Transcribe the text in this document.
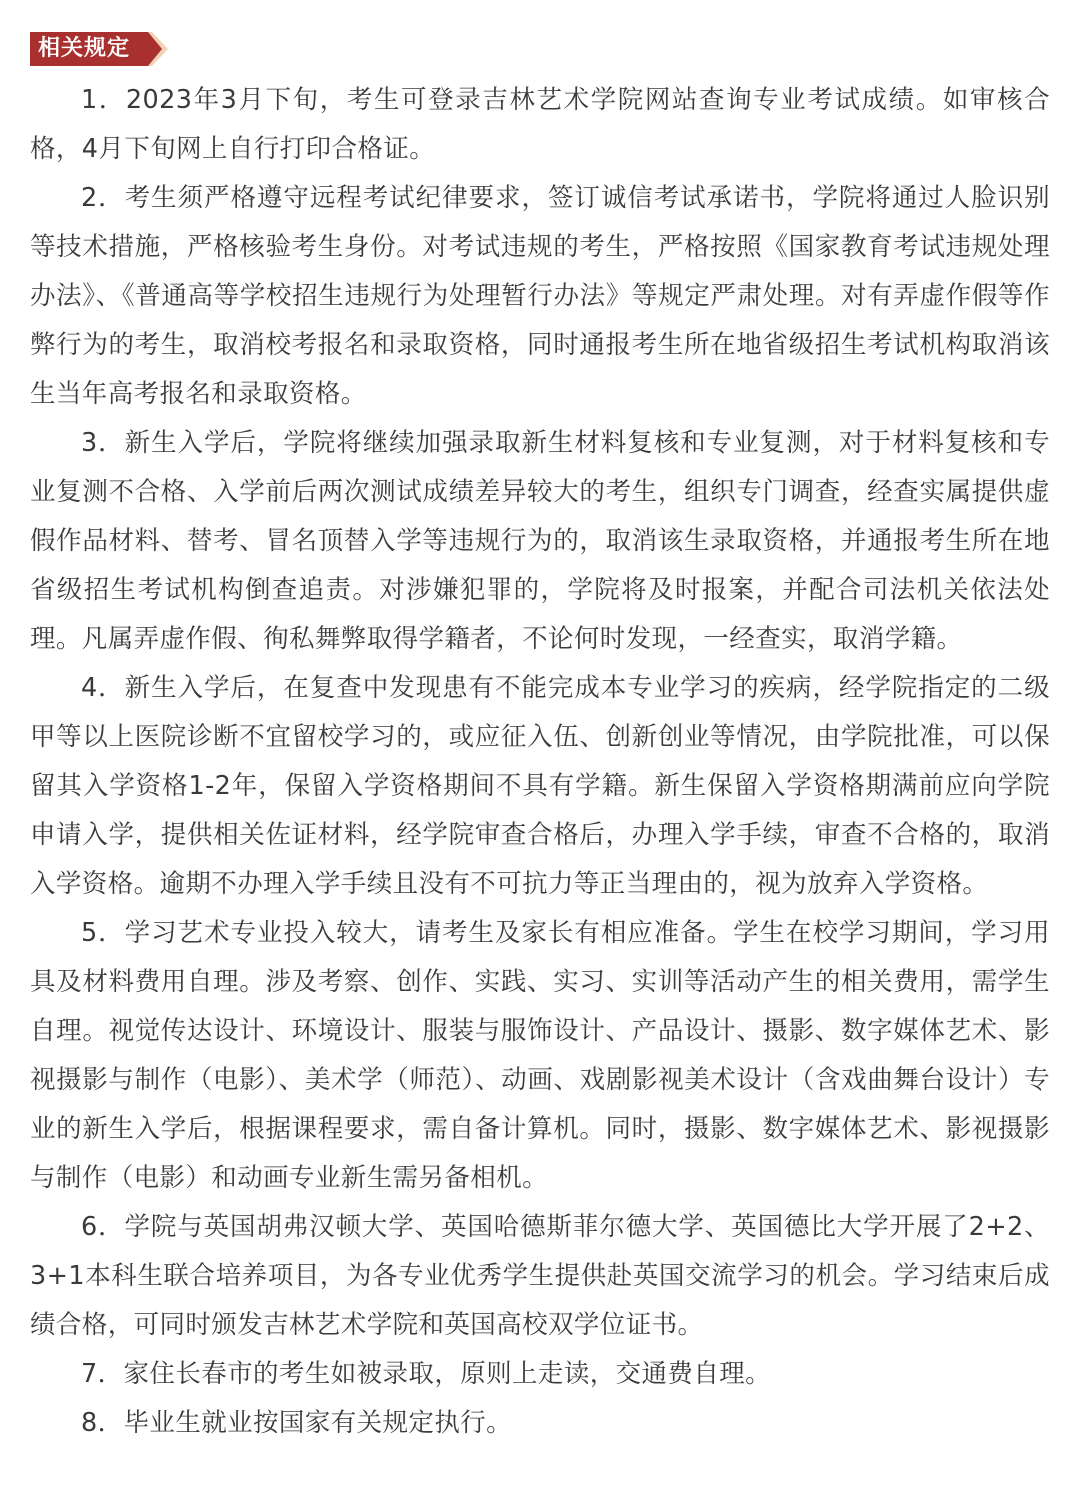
相关规定

1．2023年3月下旬，考生可登录吉林艺术学院网站查询专业考试成绩。如审核合格，4月下旬网上自行打印合格证。

2．考生须严格遵守远程考试纪律要求，签订诚信考试承诺书，学院将通过人脸识别等技术措施，严格核验考生身份。对考试违规的考生，严格按照《国家教育考试违规处理办法》、《普通高等学校招生违规行为处理暂行办法》等规定严肃处理。对有弄虚作假等作弊行为的考生，取消校考报名和录取资格，同时通报考生所在地省级招生考试机构取消该生当年高考报名和录取资格。

3．新生入学后，学院将继续加强录取新生材料复核和专业复测，对于材料复核和专业复测不合格、入学前后两次测试成绩差异较大的考生，组织专门调查，经查实属提供虚假作品材料、替考、冒名顶替入学等违规行为的，取消该生录取资格，并通报考生所在地省级招生考试机构倒查追责。对涉嫌犯罪的，学院将及时报案，并配合司法机关依法处理。凡属弄虚作假、徇私舞弊取得学籍者，不论何时发现，一经查实，取消学籍。

4．新生入学后，在复查中发现患有不能完成本专业学习的疾病，经学院指定的二级甲等以上医院诊断不宜留校学习的，或应征入伍、创新创业等情况，由学院批准，可以保留其入学资格1-2年，保留入学资格期间不具有学籍。新生保留入学资格期满前应向学院申请入学，提供相关佐证材料，经学院审查合格后，办理入学手续，审查不合格的，取消入学资格。逾期不办理入学手续且没有不可抗力等正当理由的，视为放弃入学资格。

5．学习艺术专业投入较大，请考生及家长有相应准备。学生在校学习期间，学习用具及材料费用自理。涉及考察、创作、实践、实习、实训等活动产生的相关费用，需学生自理。视觉传达设计、环境设计、服装与服饰设计、产品设计、摄影、数字媒体艺术、影视摄影与制作（电影）、美术学（师范）、动画、戏剧影视美术设计（含戏曲舞台设计）专业的新生入学后，根据课程要求，需自备计算机。同时，摄影、数字媒体艺术、影视摄影与制作（电影）和动画专业新生需另备相机。

6．学院与英国胡弗汉顿大学、英国哈德斯菲尔德大学、英国德比大学开展了2+2、3+1本科生联合培养项目，为各专业优秀学生提供赴英国交流学习的机会。学习结束后成绩合格，可同时颁发吉林艺术学院和英国高校双学位证书。

7．家住长春市的考生如被录取，原则上走读，交通费自理。

8．毕业生就业按国家有关规定执行。
